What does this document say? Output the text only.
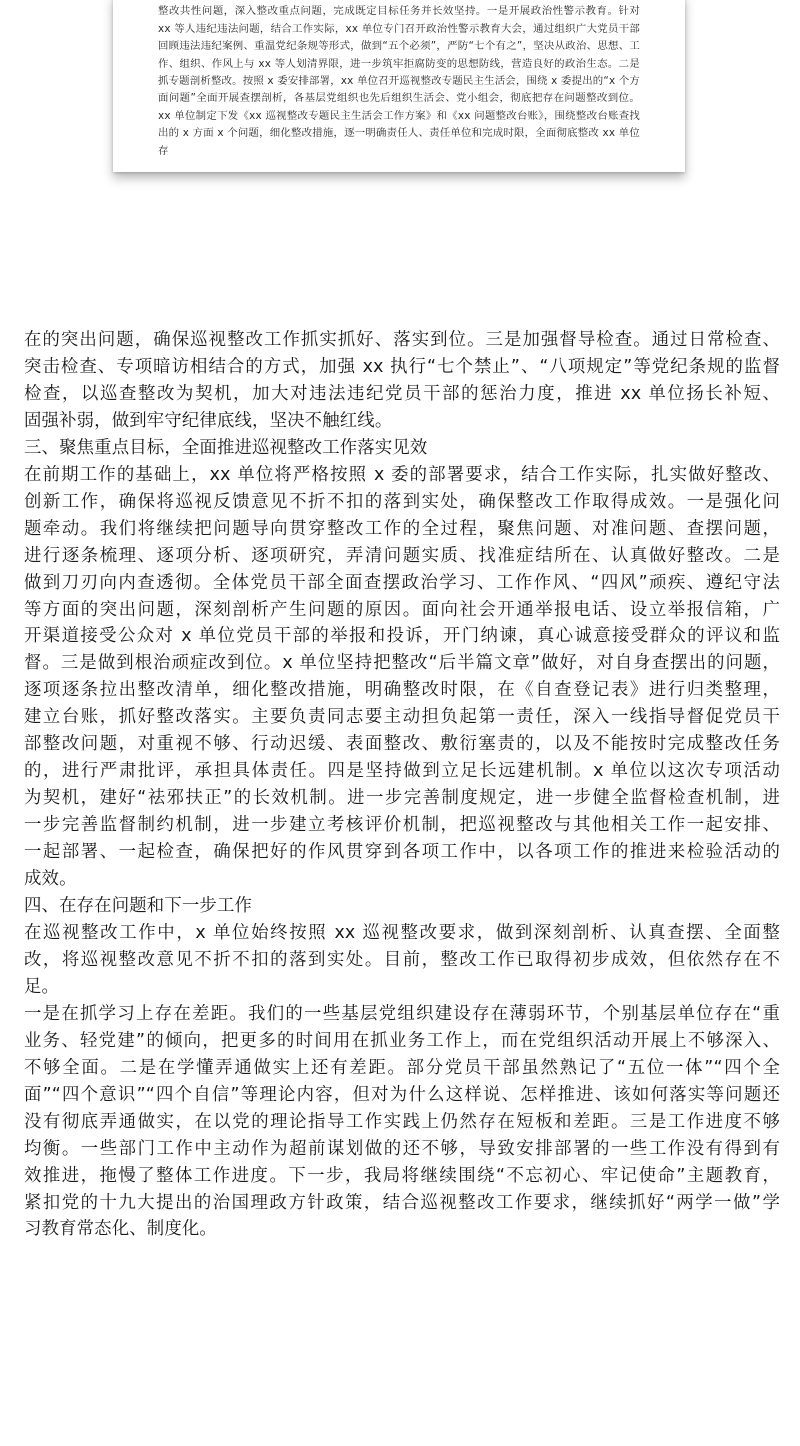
整改共性问题，深入整改重点问题，完成既定目标任务并长效坚持。一是开展政治性警示教育。针对 xx 等人违纪违法问题，结合工作实际，xx 单位专门召开政治性警示教育大会，通过组织广大党员干部回顾违法违纪案例、重温党纪条规等形式，做到“五个必须”，严防“七个有之”，坚决从政治、思想、工作、组织、作风上与 xx 等人划清界限，进一步筑牢拒腐防变的思想防线，营造良好的政治生态。二是抓专题剖析整改。按照 x 委安排部署，xx 单位召开巡视整改专题民主生活会，围绕 x 委提出的“x 个方面问题”全面开展查摆剖析，各基层党组织也先后组织生活会、党小组会，彻底把存在问题整改到位。xx 单位制定下发《xx 巡视整改专题民主生活会工作方案》和《xx 问题整改台账》，围绕整改台账查找出的 x 方面 x 个问题，细化整改措施，逐一明确责任人、责任单位和完成时限，全面彻底整改 xx 单位存

在的突出问题，确保巡视整改工作抓实抓好、落实到位。三是加强督导检查。通过日常检查、
突击检查、专项暗访相结合的方式，加强 xx 执行“七个禁止”、“八项规定”等党纪条规的监督
检查，以巡查整改为契机，加大对违法违纪党员干部的惩治力度，推进 xx 单位扬长补短、
固强补弱，做到牢守纪律底线，坚决不触红线。
三、聚焦重点目标，全面推进巡视整改工作落实见效
在前期工作的基础上，xx 单位将严格按照 x 委的部署要求，结合工作实际，扎实做好整改、
创新工作，确保将巡视反馈意见不折不扣的落到实处，确保整改工作取得成效。一是强化问
题牵动。我们将继续把问题导向贯穿整改工作的全过程，聚焦问题、对准问题、查摆问题，
进行逐条梳理、逐项分析、逐项研究，弄清问题实质、找准症结所在、认真做好整改。二是
做到刀刃向内查透彻。全体党员干部全面查摆政治学习、工作作风、“四风”顽疾、遵纪守法
等方面的突出问题，深刻剖析产生问题的原因。面向社会开通举报电话、设立举报信箱，广
开渠道接受公众对 x 单位党员干部的举报和投诉，开门纳谏，真心诚意接受群众的评议和监
督。三是做到根治顽症改到位。x 单位坚持把整改“后半篇文章”做好，对自身查摆出的问题，
逐项逐条拉出整改清单，细化整改措施，明确整改时限，在《自查登记表》进行归类整理，
建立台账，抓好整改落实。主要负责同志要主动担负起第一责任，深入一线指导督促党员干
部整改问题，对重视不够、行动迟缓、表面整改、敷衍塞责的，以及不能按时完成整改任务
的，进行严肃批评，承担具体责任。四是坚持做到立足长远建机制。x 单位以这次专项活动
为契机，建好“祛邪扶正”的长效机制。进一步完善制度规定，进一步健全监督检查机制，进
一步完善监督制约机制，进一步建立考核评价机制，把巡视整改与其他相关工作一起安排、
一起部署、一起检查，确保把好的作风贯穿到各项工作中，以各项工作的推进来检验活动的
成效。
四、在存在问题和下一步工作
在巡视整改工作中，x 单位始终按照 xx 巡视整改要求，做到深刻剖析、认真查摆、全面整
改，将巡视整改意见不折不扣的落到实处。目前，整改工作已取得初步成效，但依然存在不
足。
一是在抓学习上存在差距。我们的一些基层党组织建设存在薄弱环节，个别基层单位存在“重
业务、轻党建”的倾向，把更多的时间用在抓业务工作上，而在党组织活动开展上不够深入、
不够全面。二是在学懂弄通做实上还有差距。部分党员干部虽然熟记了“五位一体”“四个全
面”“四个意识”“四个自信”等理论内容，但对为什么这样说、怎样推进、该如何落实等问题还
没有彻底弄通做实，在以党的理论指导工作实践上仍然存在短板和差距。三是工作进度不够
均衡。一些部门工作中主动作为超前谋划做的还不够，导致安排部署的一些工作没有得到有
效推进，拖慢了整体工作进度。下一步，我局将继续围绕“不忘初心、牢记使命”主题教育，
紧扣党的十九大提出的治国理政方针政策，结合巡视整改工作要求，继续抓好“两学一做”学
习教育常态化、制度化。
